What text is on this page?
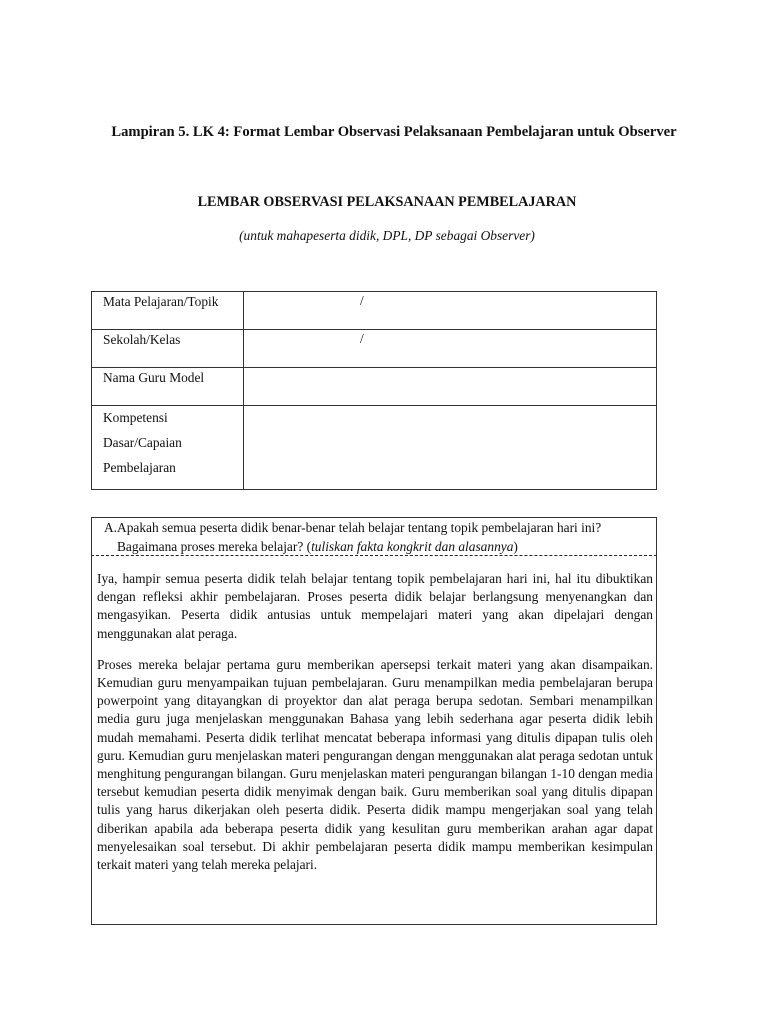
Lampiran 5. LK 4: Format Lembar Observasi Pelaksanaan Pembelajaran untuk Observer

LEMBAR OBSERVASI PELAKSANAAN PEMBELAJARAN

(untuk mahapeserta didik, DPL, DP sebagai Observer)

Mata Pelajaran/Topik	/

Sekolah/Kelas	/

Nama Guru Model	

Kompetensi
Dasar/Capaian
Pembelajaran	

A.Apakah semua peserta didik benar-benar telah belajar tentang topik pembelajaran hari ini?
Bagaimana proses mereka belajar? (tuliskan fakta kongkrit dan alasannya)

Iya, hampir semua peserta didik telah belajar tentang topik pembelajaran hari ini, hal itu dibuktikan dengan refleksi akhir pembelajaran. Proses peserta didik belajar berlangsung menyenangkan dan mengasyikan. Peserta didik antusias untuk mempelajari materi yang akan dipelajari dengan menggunakan alat peraga.

Proses mereka belajar pertama guru memberikan apersepsi terkait materi yang akan disampaikan. Kemudian guru menyampaikan tujuan pembelajaran. Guru menampilkan media pembelajaran berupa powerpoint yang ditayangkan di proyektor dan alat peraga berupa sedotan. Sembari menampilkan media guru juga menjelaskan menggunakan Bahasa yang lebih sederhana agar peserta didik lebih mudah memahami. Peserta didik terlihat mencatat beberapa informasi yang ditulis dipapan tulis oleh guru. Kemudian guru menjelaskan materi pengurangan dengan menggunakan alat peraga sedotan untuk menghitung pengurangan bilangan. Guru menjelaskan materi pengurangan bilangan 1-10 dengan media tersebut kemudian peserta didik menyimak dengan baik. Guru memberikan soal yang ditulis dipapan tulis yang harus dikerjakan oleh peserta didik. Peserta didik mampu mengerjakan soal yang telah diberikan apabila ada beberapa peserta didik yang kesulitan guru memberikan arahan agar dapat menyelesaikan soal tersebut. Di akhir pembelajaran peserta didik mampu memberikan kesimpulan terkait materi yang telah mereka pelajari.
